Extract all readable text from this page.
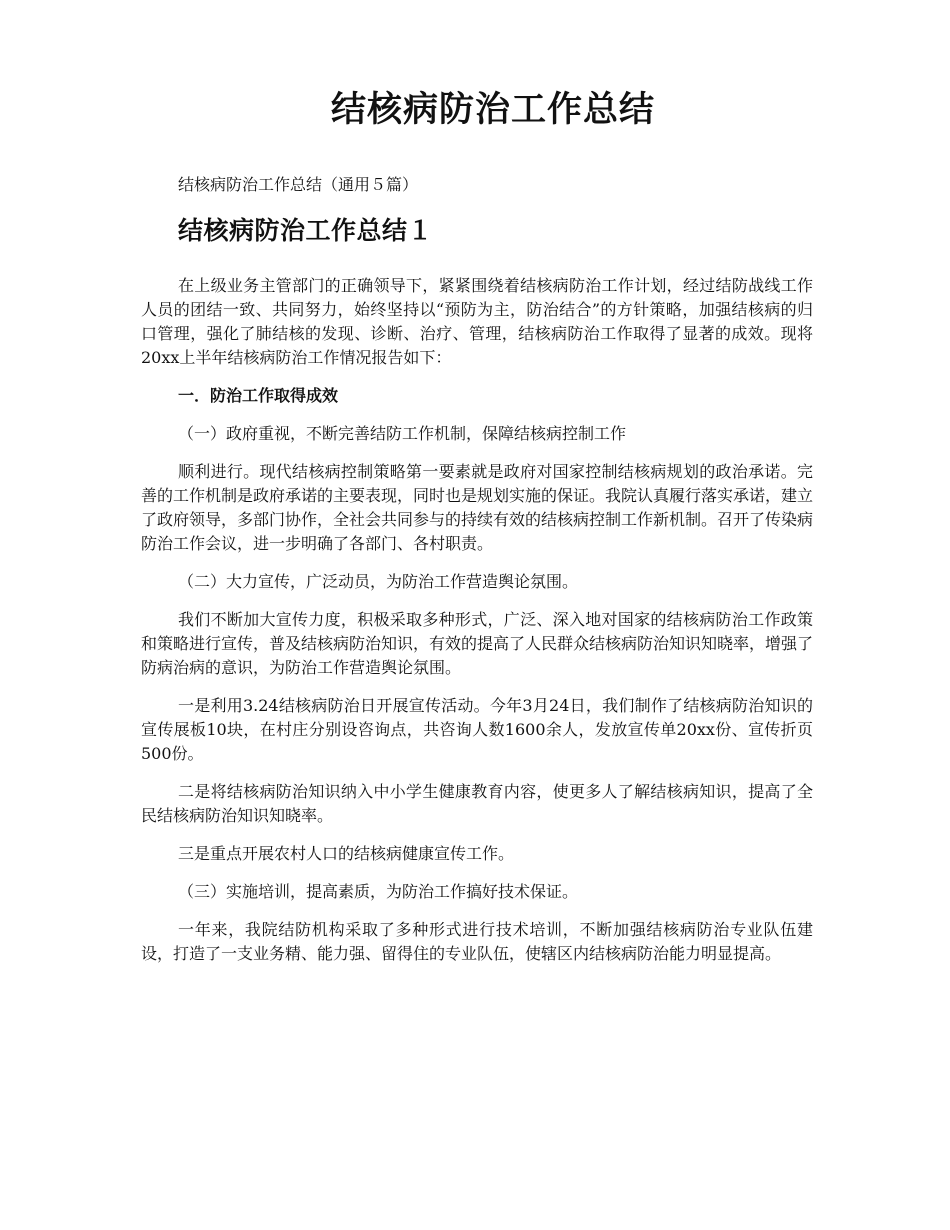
结核病防治工作总结

结核病防治工作总结（通用５篇）

结核病防治工作总结１

在上级业务主管部门的正确领导下，紧紧围绕着结核病防治工作计划，经过结防战线工作人员的团结一致、共同努力，始终坚持以“预防为主，防治结合”的方针策略，加强结核病的归口管理，强化了肺结核的发现、诊断、治疗、管理，结核病防治工作取得了显著的成效。现将20xx上半年结核病防治工作情况报告如下：

一．防治工作取得成效

（一）政府重视，不断完善结防工作机制，保障结核病控制工作

顺利进行。现代结核病控制策略第一要素就是政府对国家控制结核病规划的政治承诺。完善的工作机制是政府承诺的主要表现，同时也是规划实施的保证。我院认真履行落实承诺，建立了政府领导，多部门协作，全社会共同参与的持续有效的结核病控制工作新机制。召开了传染病防治工作会议，进一步明确了各部门、各村职责。

（二）大力宣传，广泛动员，为防治工作营造舆论氛围。

我们不断加大宣传力度，积极采取多种形式，广泛、深入地对国家的结核病防治工作政策和策略进行宣传，普及结核病防治知识，有效的提高了人民群众结核病防治知识知晓率，增强了防病治病的意识，为防治工作营造舆论氛围。

一是利用3.24结核病防治日开展宣传活动。今年3月24日，我们制作了结核病防治知识的宣传展板10块，在村庄分别设咨询点，共咨询人数1600余人，发放宣传单20xx份、宣传折页500份。

二是将结核病防治知识纳入中小学生健康教育内容，使更多人了解结核病知识，提高了全民结核病防治知识知晓率。

三是重点开展农村人口的结核病健康宣传工作。

（三）实施培训，提高素质，为防治工作搞好技术保证。

一年来，我院结防机构采取了多种形式进行技术培训，不断加强结核病防治专业队伍建设，打造了一支业务精、能力强、留得住的专业队伍，使辖区内结核病防治能力明显提高。
